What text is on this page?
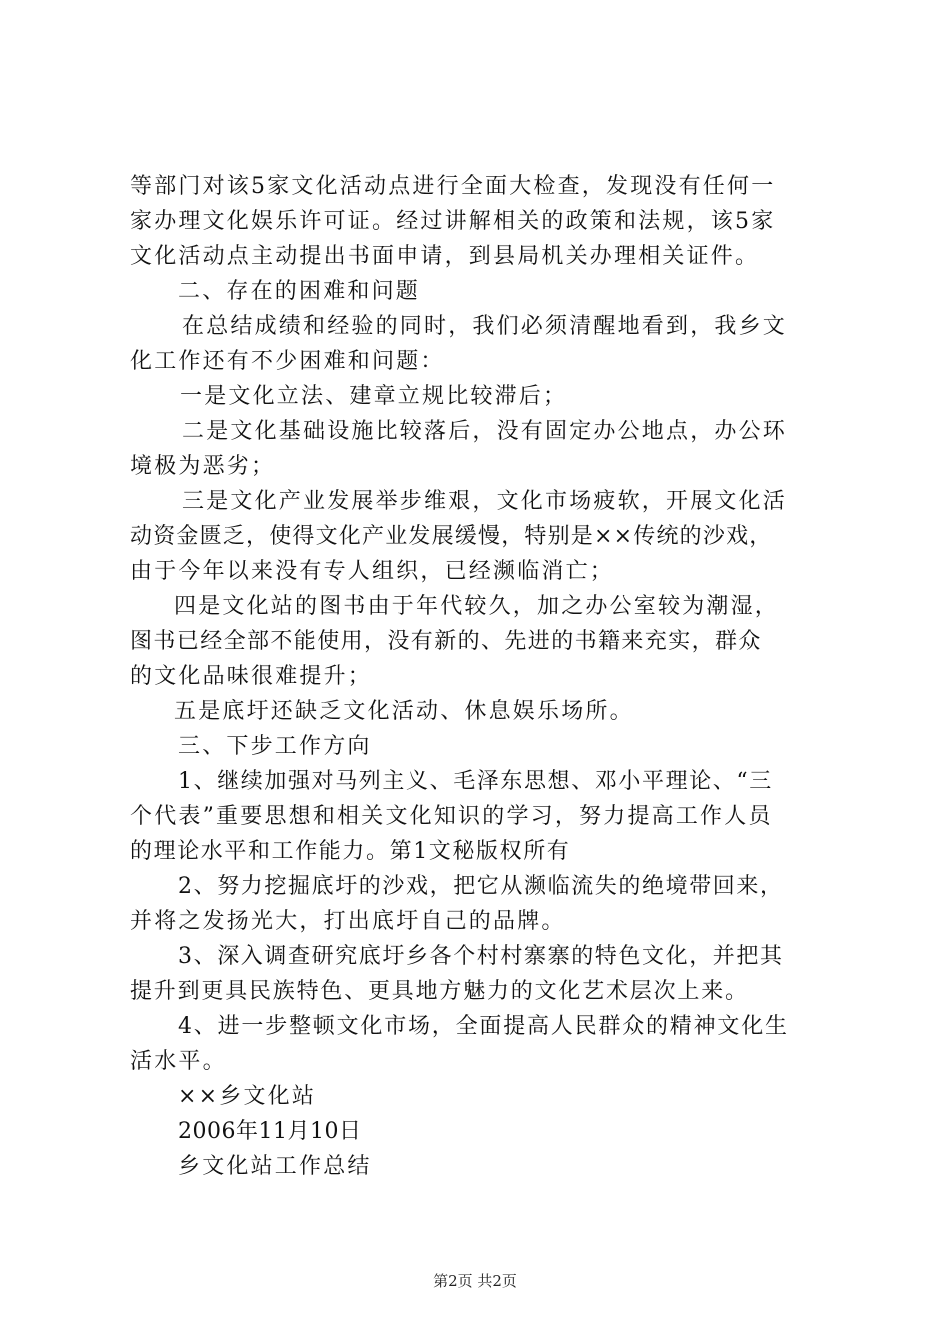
等部门对该5家文化活动点进行全面大检查，发现没有任何一
家办理文化娱乐许可证。经过讲解相关的政策和法规，该5家
文化活动点主动提出书面申请，到县局机关办理相关证件。
二、存在的困难和问题
在总结成绩和经验的同时，我们必须清醒地看到，我乡文
化工作还有不少困难和问题：
一是文化立法、建章立规比较滞后；
二是文化基础设施比较落后，没有固定办公地点，办公环
境极为恶劣；
三是文化产业发展举步维艰，文化市场疲软，开展文化活
动资金匮乏，使得文化产业发展缓慢，特别是××传统的沙戏，
由于今年以来没有专人组织，已经濒临消亡；
四是文化站的图书由于年代较久，加之办公室较为潮湿，
图书已经全部不能使用，没有新的、先进的书籍来充实，群众
的文化品味很难提升；
五是底圩还缺乏文化活动、休息娱乐场所。
三、下步工作方向
1、继续加强对马列主义、毛泽东思想、邓小平理论、“三
个代表”重要思想和相关文化知识的学习，努力提高工作人员
的理论水平和工作能力。第1文秘版权所有
2、努力挖掘底圩的沙戏，把它从濒临流失的绝境带回来，
并将之发扬光大，打出底圩自己的品牌。
3、深入调查研究底圩乡各个村村寨寨的特色文化，并把其
提升到更具民族特色、更具地方魅力的文化艺术层次上来。
4、进一步整顿文化市场，全面提高人民群众的精神文化生
活水平。
××乡文化站
2006年11月10日
乡文化站工作总结
第2页 共2页
